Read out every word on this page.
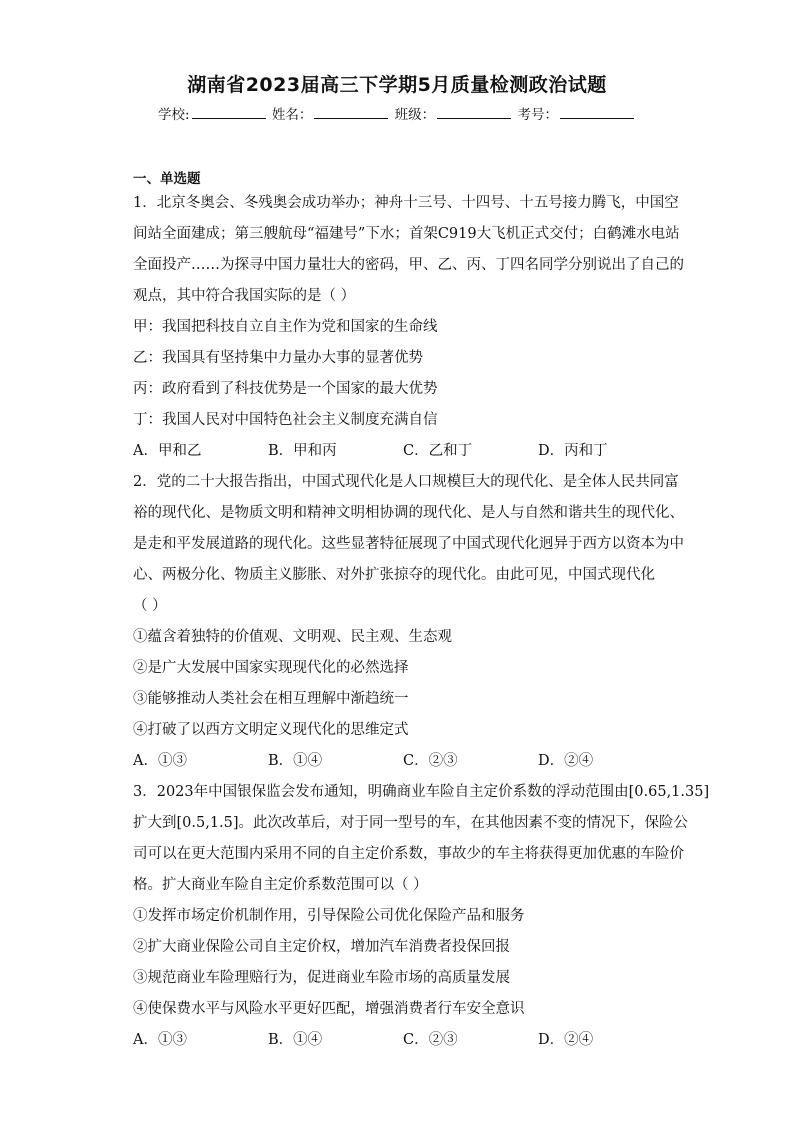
湖南省2023届高三下学期5月质量检测政治试题
学校:	姓名：	班级：	考号：
一、单选题
1．北京冬奥会、冬残奥会成功举办；神舟十三号、十四号、十五号接力腾飞，中国空
间站全面建成；第三艘航母“福建号”下水；首架C919大飞机正式交付；白鹤滩水电站
全面投产……为探寻中国力量壮大的密码，甲、乙、丙、丁四名同学分别说出了自己的
观点，其中符合我国实际的是（ ）
甲：我国把科技自立自主作为党和国家的生命线
乙：我国具有坚持集中力量办大事的显著优势
丙：政府看到了科技优势是一个国家的最大优势
丁：我国人民对中国特色社会主义制度充满自信
A．甲和乙	B．甲和丙	C．乙和丁	D．丙和丁
2．党的二十大报告指出，中国式现代化是人口规模巨大的现代化、是全体人民共同富
裕的现代化、是物质文明和精神文明相协调的现代化、是人与自然和谐共生的现代化、
是走和平发展道路的现代化。这些显著特征展现了中国式现代化迥异于西方以资本为中
心、两极分化、物质主义膨胀、对外扩张掠夺的现代化。由此可见，中国式现代化
（ ）
①蕴含着独特的价值观、文明观、民主观、生态观
②是广大发展中国家实现现代化的必然选择
③能够推动人类社会在相互理解中渐趋统一
④打破了以西方文明定义现代化的思维定式
A．①③	B．①④	C．②③	D．②④
3．2023年中国银保监会发布通知，明确商业车险自主定价系数的浮动范围由[0.65,1.35]
扩大到[0.5,1.5]。此次改革后，对于同一型号的车，在其他因素不变的情况下，保险公
司可以在更大范围内采用不同的自主定价系数，事故少的车主将获得更加优惠的车险价
格。扩大商业车险自主定价系数范围可以（ ）
①发挥市场定价机制作用，引导保险公司优化保险产品和服务
②扩大商业保险公司自主定价权，增加汽车消费者投保回报
③规范商业车险理赔行为，促进商业车险市场的高质量发展
④使保费水平与风险水平更好匹配，增强消费者行车安全意识
A．①③	B．①④	C．②③	D．②④
